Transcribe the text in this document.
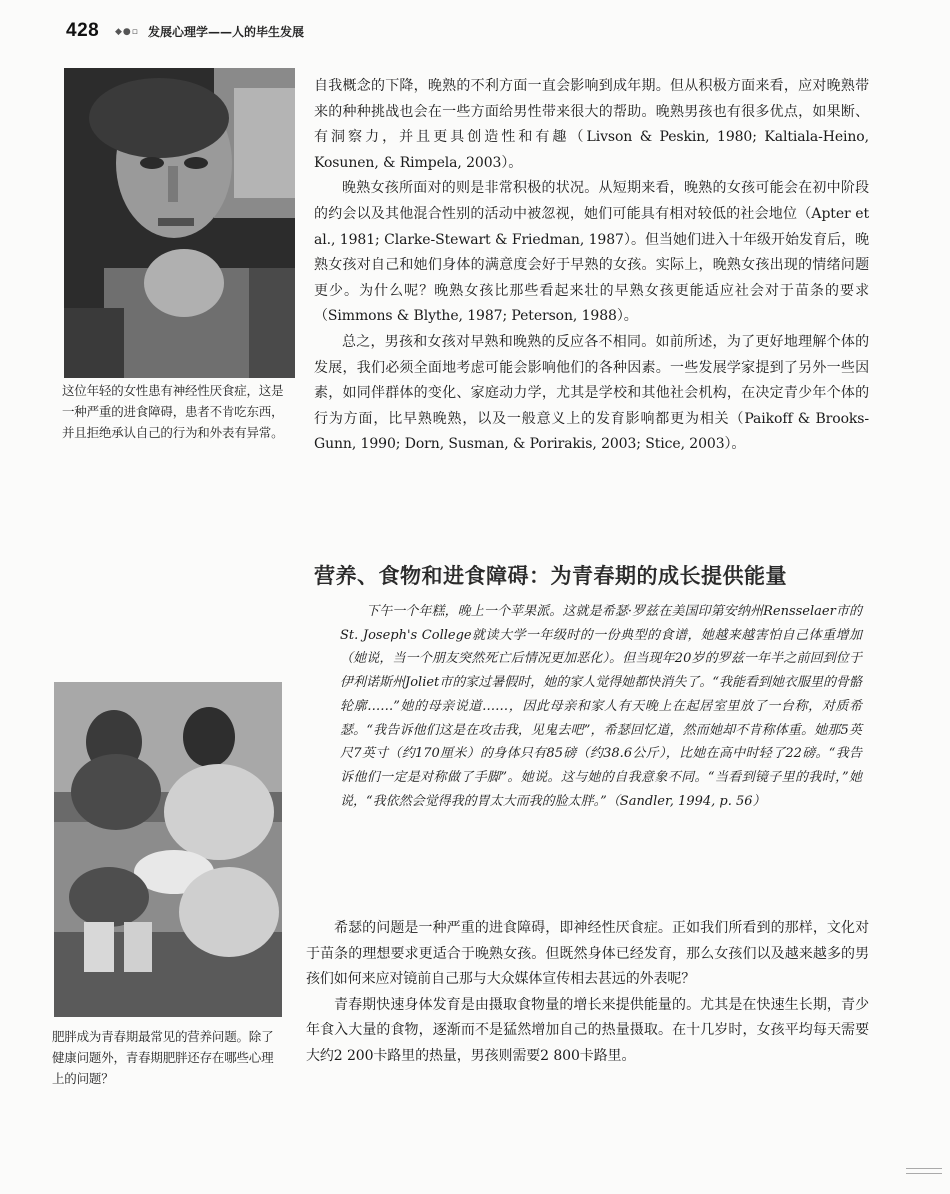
428 ◆●▫ 发展心理学——人的毕生发展

这位年轻的女性患有神经性厌食症，这是一种严重的进食障碍，患者不肯吃东西，并且拒绝承认自己的行为和外表有异常。

自我概念的下降，晚熟的不利方面一直会影响到成年期。但从积极方面来看，应对晚熟带来的种种挑战也会在一些方面给男性带来很大的帮助。晚熟男孩也有很多优点，如果断、有洞察力，并且更具创造性和有趣（Livson & Peskin, 1980; Kaltiala-Heino, Kosunen, & Rimpela, 2003）。

晚熟女孩所面对的则是非常积极的状况。从短期来看，晚熟的女孩可能会在初中阶段的约会以及其他混合性别的活动中被忽视，她们可能具有相对较低的社会地位（Apter et al., 1981; Clarke-Stewart & Friedman, 1987）。但当她们进入十年级开始发育后，晚熟女孩对自己和她们身体的满意度会好于早熟的女孩。实际上，晚熟女孩出现的情绪问题更少。为什么呢？晚熟女孩比那些看起来壮的早熟女孩更能适应社会对于苗条的要求（Simmons & Blythe, 1987; Peterson, 1988）。

总之，男孩和女孩对早熟和晚熟的反应各不相同。如前所述，为了更好地理解个体的发展，我们必须全面地考虑可能会影响他们的各种因素。一些发展学家提到了另外一些因素，如同伴群体的变化、家庭动力学，尤其是学校和其他社会机构，在决定青少年个体的行为方面，比早熟晚熟，以及一般意义上的发育影响都更为相关（Paikoff & Brooks-Gunn, 1990; Dorn, Susman, & Porirakis, 2003; Stice, 2003）。

营养、食物和进食障碍：为青春期的成长提供能量

下午一个年糕，晚上一个苹果派。这就是希瑟·罗兹在美国印第安纳州Rensselaer市的St. Joseph's College就读大学一年级时的一份典型的食谱，她越来越害怕自己体重增加（她说，当一个朋友突然死亡后情况更加恶化）。但当现年20岁的罗兹一年半之前回到位于伊利诺斯州Joliet市的家过暑假时，她的家人觉得她都快消失了。“我能看到她衣服里的骨骼轮廓……”她的母亲说道……，因此母亲和家人有天晚上在起居室里放了一台称，对质希瑟。“我告诉他们这是在攻击我，见鬼去吧”，希瑟回忆道，然而她却不肯称体重。她那5英尺7英寸（约170厘米）的身体只有85磅（约38.6公斤），比她在高中时轻了22磅。“我告诉他们一定是对称做了手脚”。她说。这与她的自我意象不同。“当看到镜子里的我时，”她说，“我依然会觉得我的胃太大而我的脸太胖。”（Sandler, 1994, p. 56）

肥胖成为青春期最常见的营养问题。除了健康问题外，青春期肥胖还存在哪些心理上的问题？

希瑟的问题是一种严重的进食障碍，即神经性厌食症。正如我们所看到的那样，文化对于苗条的理想要求更适合于晚熟女孩。但既然身体已经发育，那么女孩们以及越来越多的男孩们如何来应对镜前自己那与大众媒体宣传相去甚远的外表呢？

青春期快速身体发育是由摄取食物量的增长来提供能量的。尤其是在快速生长期，青少年食入大量的食物，逐渐而不是猛然增加自己的热量摄取。在十几岁时，女孩平均每天需要大约2 200卡路里的热量，男孩则需要2 800卡路里。
